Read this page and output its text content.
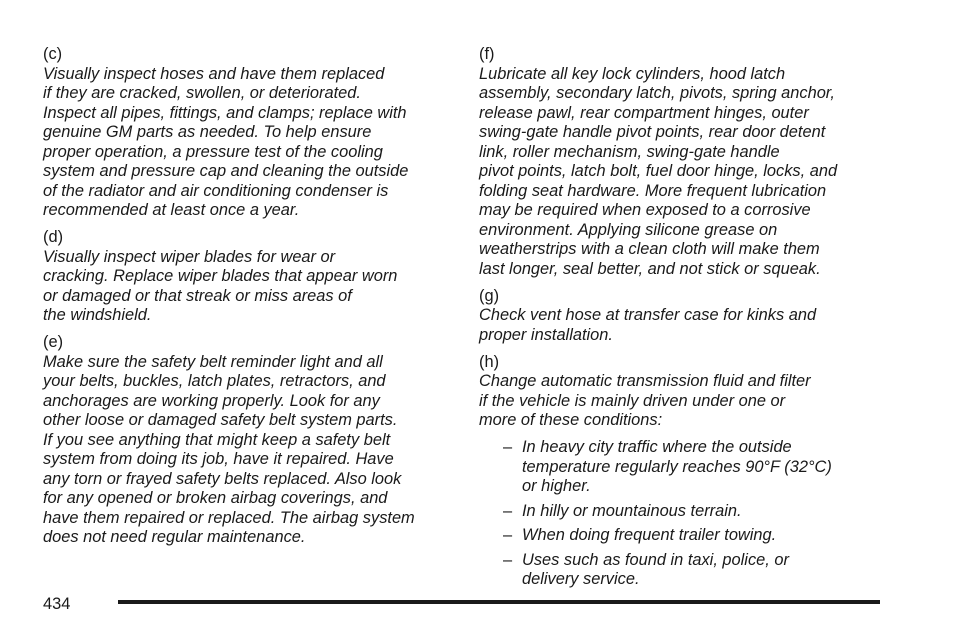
(c)
Visually inspect hoses and have them replaced
if they are cracked, swollen, or deteriorated.
Inspect all pipes, fittings, and clamps; replace with
genuine GM parts as needed. To help ensure
proper operation, a pressure test of the cooling
system and pressure cap and cleaning the outside
of the radiator and air conditioning condenser is
recommended at least once a year.

(d)
Visually inspect wiper blades for wear or
cracking. Replace wiper blades that appear worn
or damaged or that streak or miss areas of
the windshield.

(e)
Make sure the safety belt reminder light and all
your belts, buckles, latch plates, retractors, and
anchorages are working properly. Look for any
other loose or damaged safety belt system parts.
If you see anything that might keep a safety belt
system from doing its job, have it repaired. Have
any torn or frayed safety belts replaced. Also look
for any opened or broken airbag coverings, and
have them repaired or replaced. The airbag system
does not need regular maintenance.

(f)
Lubricate all key lock cylinders, hood latch
assembly, secondary latch, pivots, spring anchor,
release pawl, rear compartment hinges, outer
swing-gate handle pivot points, rear door detent
link, roller mechanism, swing-gate handle
pivot points, latch bolt, fuel door hinge, locks, and
folding seat hardware. More frequent lubrication
may be required when exposed to a corrosive
environment. Applying silicone grease on
weatherstrips with a clean cloth will make them
last longer, seal better, and not stick or squeak.

(g)
Check vent hose at transfer case for kinks and
proper installation.

(h)
Change automatic transmission fluid and filter
if the vehicle is mainly driven under one or
more of these conditions:

– In heavy city traffic where the outside
temperature regularly reaches 90°F (32°C)
or higher.
– In hilly or mountainous terrain.
– When doing frequent trailer towing.
– Uses such as found in taxi, police, or
delivery service.
434
